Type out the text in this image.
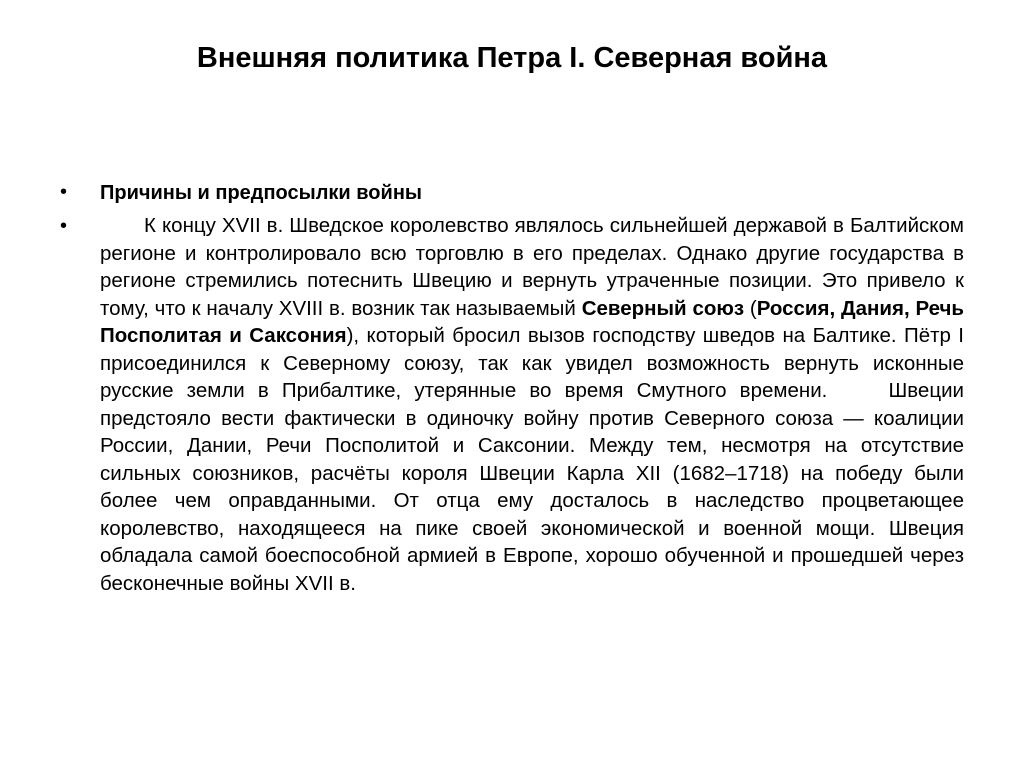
Внешняя политика Петра I. Северная война
•	Причины и предпосылки войны
•	К концу XVII в. Шведское королевство являлось сильнейшей державой в Балтийском регионе и контролировало всю торговлю в его пределах. Однако другие государства в регионе стремились потеснить Швецию и вернуть утраченные позиции. Это привело к тому, что к началу XVIII в. возник так называемый Северный союз (Россия, Дания, Речь Посполитая и Саксония), который бросил вызов господству шведов на Балтике. Пётр I присоединился к Северному союзу, так как увидел возможность вернуть исконные русские земли в Прибалтике, утерянные во время Смутного времени.	Швеции предстояло вести фактически в одиночку войну против Северного союза — коалиции России, Дании, Речи Посполитой и Саксонии. Между тем, несмотря на отсутствие сильных союзников, расчёты короля Швеции Карла XII (1682–1718) на победу были более чем оправданными. От отца ему досталось в наследство процветающее королевство, находящееся на пике своей экономической и военной мощи. Швеция обладала самой боеспособной армией в Европе, хорошо обученной и прошедшей через бесконечные войны XVII в.
